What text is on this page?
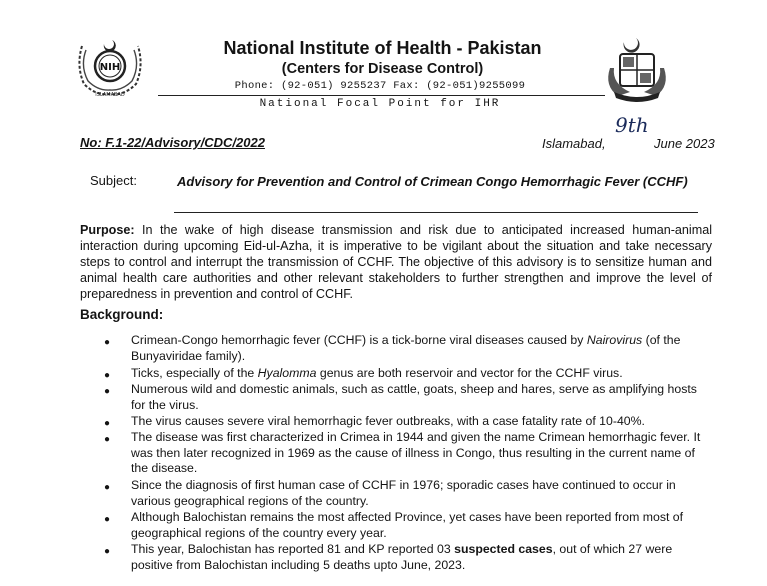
NIH
ISLAMABAD
National Institute of Health - Pakistan
(Centers for Disease Control)
Phone: (92-051) 9255237 Fax: (92-051)9255099
National Focal Point for IHR
No: F.1-22/Advisory/CDC/2022	Islamabad,
9th
June 2023
Subject:	Advisory for Prevention and Control of Crimean Congo Hemorrhagic Fever (CCHF)
Purpose: In the wake of high disease transmission and risk due to anticipated increased human-animal interaction during upcoming Eid-ul-Azha, it is imperative to be vigilant about the situation and take necessary steps to control and interrupt the transmission of CCHF. The objective of this advisory is to sensitize human and animal health care authorities and other relevant stakeholders to further strengthen and improve the level of preparedness in prevention and control of CCHF.
Background:
● Crimean-Congo hemorrhagic fever (CCHF) is a tick-borne viral diseases caused by Nairovirus (of the Bunyaviridae family).
● Ticks, especially of the Hyalomma genus are both reservoir and vector for the CCHF virus.
● Numerous wild and domestic animals, such as cattle, goats, sheep and hares, serve as amplifying hosts for the virus.
● The virus causes severe viral hemorrhagic fever outbreaks, with a case fatality rate of 10-40%.
● The disease was first characterized in Crimea in 1944 and given the name Crimean hemorrhagic fever. It was then later recognized in 1969 as the cause of illness in Congo, thus resulting in the current name of the disease.
● Since the diagnosis of first human case of CCHF in 1976; sporadic cases have continued to occur in various geographical regions of the country.
● Although Balochistan remains the most affected Province, yet cases have been reported from most of geographical regions of the country every year.
● This year, Balochistan has reported 81 and KP reported 03 suspected cases, out of which 27 were positive from Balochistan including 5 deaths upto June, 2023.
